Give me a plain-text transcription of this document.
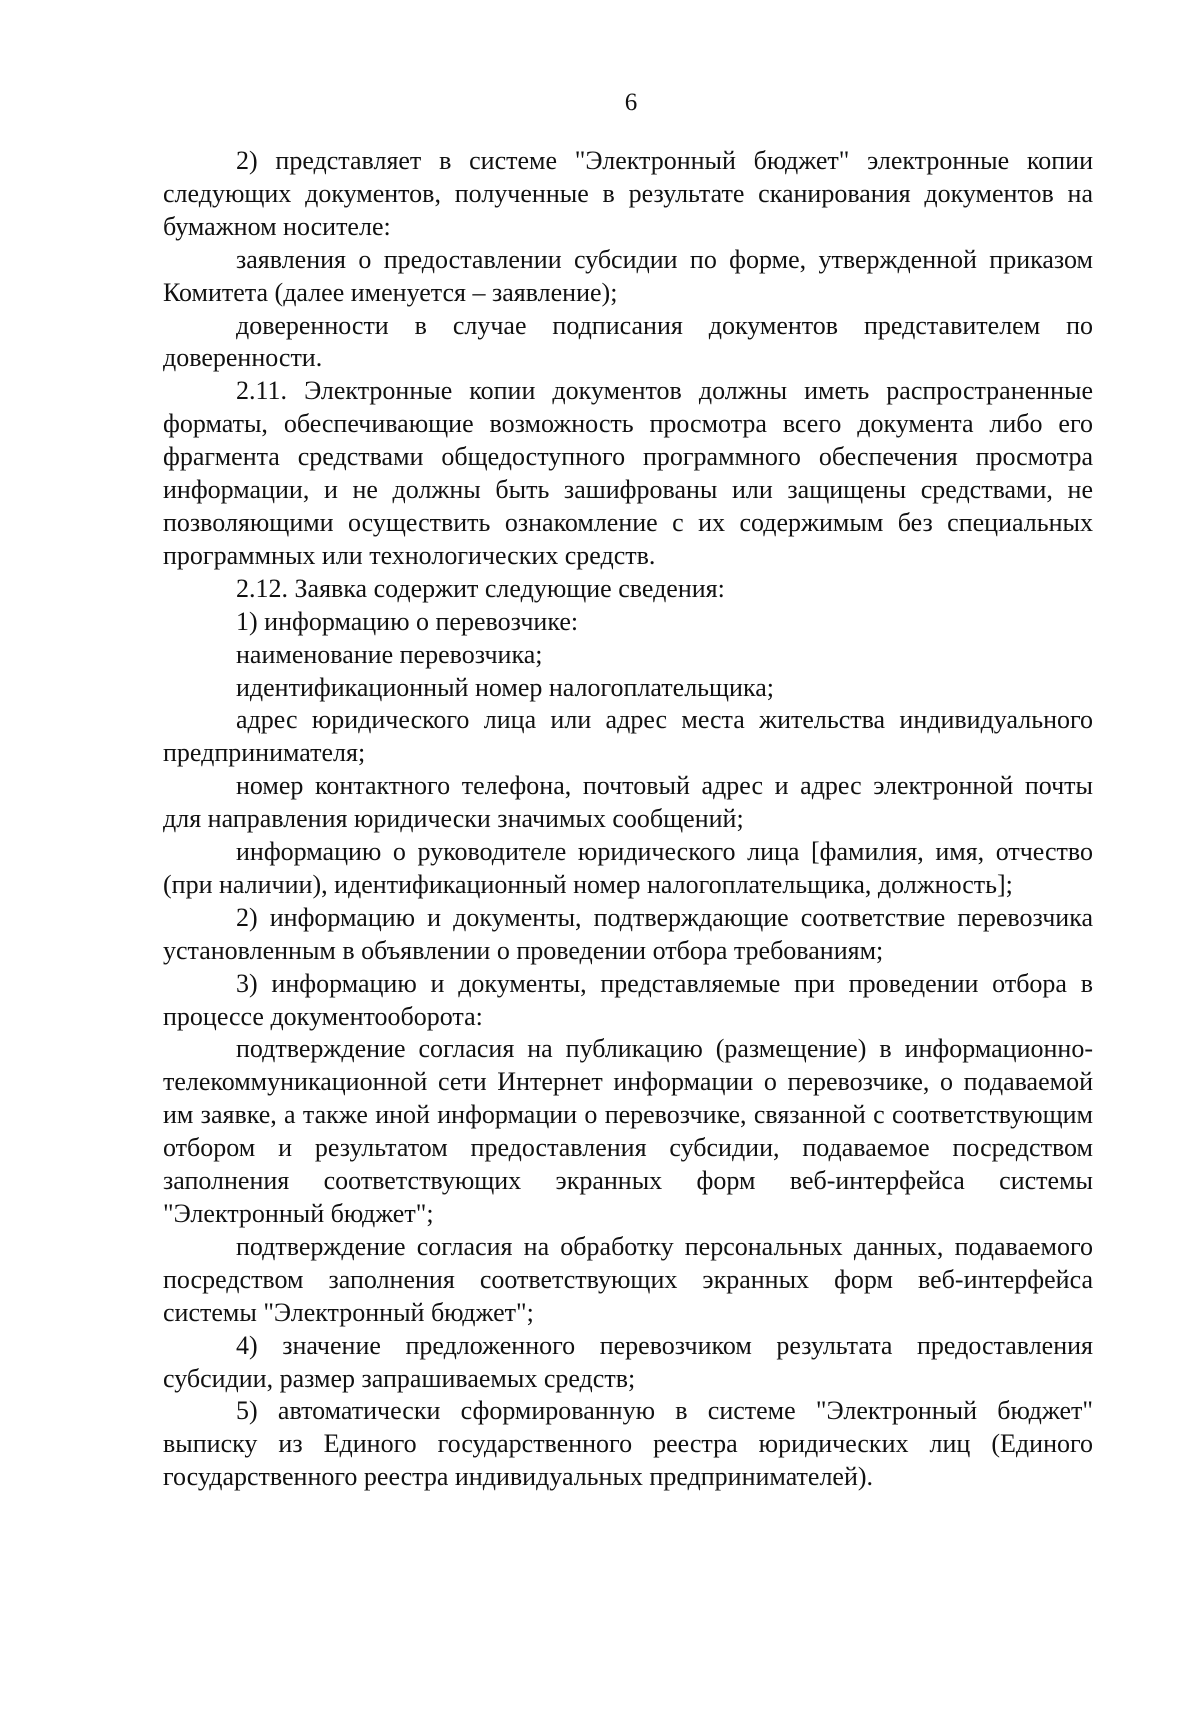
6

2) представляет в системе "Электронный бюджет" электронные копии следующих документов, полученные в результате сканирования документов на бумажном носителе:

заявления о предоставлении субсидии по форме, утвержденной приказом Комитета (далее именуется – заявление);

доверенности в случае подписания документов представителем по доверенности.

2.11. Электронные копии документов должны иметь распространенные форматы, обеспечивающие возможность просмотра всего документа либо его фрагмента средствами общедоступного программного обеспечения просмотра информации, и не должны быть зашифрованы или защищены средствами, не позволяющими осуществить ознакомление с их содержимым без специальных программных или технологических средств.

2.12. Заявка содержит следующие сведения:

1) информацию о перевозчике:

наименование перевозчика;

идентификационный номер налогоплательщика;

адрес юридического лица или адрес места жительства индивидуального предпринимателя;

номер контактного телефона, почтовый адрес и адрес электронной почты для направления юридически значимых сообщений;

информацию о руководителе юридического лица [фамилия, имя, отчество (при наличии), идентификационный номер налогоплательщика, должность];

2) информацию и документы, подтверждающие соответствие перевозчика установленным в объявлении о проведении отбора требованиям;

3) информацию и документы, представляемые при проведении отбора в процессе документооборота:

подтверждение согласия на публикацию (размещение) в информационно-телекоммуникационной сети Интернет информации о перевозчике, о подаваемой им заявке, а также иной информации о перевозчике, связанной с соответствующим отбором и результатом предоставления субсидии, подаваемое посредством заполнения соответствующих экранных форм веб-интерфейса системы "Электронный бюджет";

подтверждение согласия на обработку персональных данных, подаваемого посредством заполнения соответствующих экранных форм веб-интерфейса системы "Электронный бюджет";

4) значение предложенного перевозчиком результата предоставления субсидии, размер запрашиваемых средств;

5) автоматически сформированную в системе "Электронный бюджет" выписку из Единого государственного реестра юридических лиц (Единого государственного реестра индивидуальных предпринимателей).
